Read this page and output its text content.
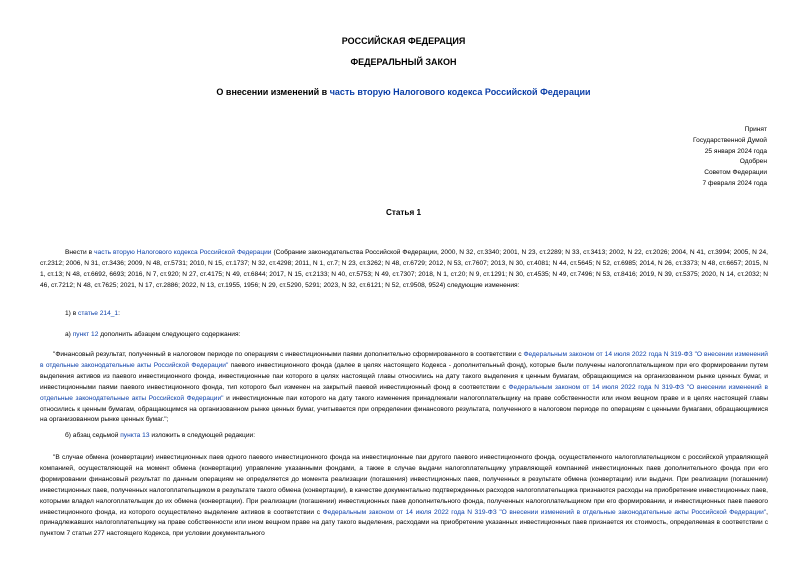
РОССИЙСКАЯ ФЕДЕРАЦИЯ
ФЕДЕРАЛЬНЫЙ ЗАКОН
О внесении изменений в часть вторую Налогового кодекса Российской Федерации
Принят
Государственной Думой
25 января 2024 года
Одобрен
Советом Федерации
7 февраля 2024 года
Статья 1
Внести в часть вторую Налогового кодекса Российской Федерации (Собрание законодательства Российской Федерации, 2000, N 32, ст.3340; 2001, N 23, ст.2289; N 33, ст.3413; 2002, N 22, ст.2026; 2004, N 41, ст.3994; 2005, N 24, ст.2312; 2006, N 31, ст.3436; 2009, N 48, ст.5731; 2010, N 15, ст.1737; N 32, ст.4298; 2011, N 1, ст.7; N 23, ст.3262; N 48, ст.6729; 2012, N 53, ст.7607; 2013, N 30, ст.4081; N 44, ст.5645; N 52, ст.6985; 2014, N 26, ст.3373; N 48, ст.6657; 2015, N 1, ст.13; N 48, ст.6692, 6693; 2016, N 7, ст.920; N 27, ст.4175; N 49, ст.6844; 2017, N 15, ст.2133; N 40, ст.5753; N 49, ст.7307; 2018, N 1, ст.20; N 9, ст.1291; N 30, ст.4535; N 49, ст.7496; N 53, ст.8416; 2019, N 39, ст.5375; 2020, N 14, ст.2032; N 46, ст.7212; N 48, ст.7625; 2021, N 17, ст.2886; 2022, N 13, ст.1955, 1956; N 29, ст.5290, 5291; 2023, N 32, ст.6121; N 52, ст.9508, 9524) следующие изменения:
1) в статье 214_1:
а) пункт 12 дополнить абзацем следующего содержания:
"Финансовый результат, полученный в налоговом периоде по операциям с инвестиционными паями дополнительно сформированного в соответствии с Федеральным законом от 14 июля 2022 года N 319-ФЗ "О внесении изменений в отдельные законодательные акты Российской Федерации" паевого инвестиционного фонда (далее в целях настоящего Кодекса - дополнительный фонд), которые были получены налогоплательщиком при его формировании путем выделения активов из паевого инвестиционного фонда, инвестиционные паи которого в целях настоящей главы относились на дату такого выделения к ценным бумагам, обращающимся на организованном рынке ценных бумаг, и инвестиционными паями паевого инвестиционного фонда, тип которого был изменен на закрытый паевой инвестиционный фонд в соответствии с Федеральным законом от 14 июля 2022 года N 319-ФЗ "О внесении изменений в отдельные законодательные акты Российской Федерации" и инвестиционные паи которого на дату такого изменения принадлежали налогоплательщику на праве собственности или ином вещном праве и в целях настоящей главы относились к ценным бумагам, обращающимся на организованном рынке ценных бумаг, учитывается при определении финансового результата, полученного в налоговом периоде по операциям с ценными бумагами, обращающимися на организованном рынке ценных бумаг.";
б) абзац седьмой пункта 13 изложить в следующей редакции:
"В случае обмена (конвертации) инвестиционных паев одного паевого инвестиционного фонда на инвестиционные паи другого паевого инвестиционного фонда, осуществленного налогоплательщиком с российской управляющей компанией, осуществляющей на момент обмена (конвертации) управление указанными фондами, а также в случае выдачи налогоплательщику управляющей компанией инвестиционных паев дополнительного фонда при его формировании финансовый результат по данным операциям не определяется до момента реализации (погашения) инвестиционных паев, полученных в результате обмена (конвертации) или выдачи. При реализации (погашении) инвестиционных паев, полученных налогоплательщиком в результате такого обмена (конвертации), в качестве документально подтвержденных расходов налогоплательщика признаются расходы на приобретение инвестиционных паев, которыми владел налогоплательщик до их обмена (конвертации). При реализации (погашении) инвестиционных паев дополнительного фонда, полученных налогоплательщиком при его формировании, и инвестиционных паев паевого инвестиционного фонда, из которого осуществлено выделение активов в соответствии с Федеральным законом от 14 июля 2022 года N 319-ФЗ "О внесении изменений в отдельные законодательные акты Российской Федерации", принадлежавших налогоплательщику на праве собственности или ином вещном праве на дату такого выделения, расходами на приобретение указанных инвестиционных паев признается их стоимость, определяемая в соответствии с пунктом 7 статьи 277 настоящего Кодекса, при условии документального
